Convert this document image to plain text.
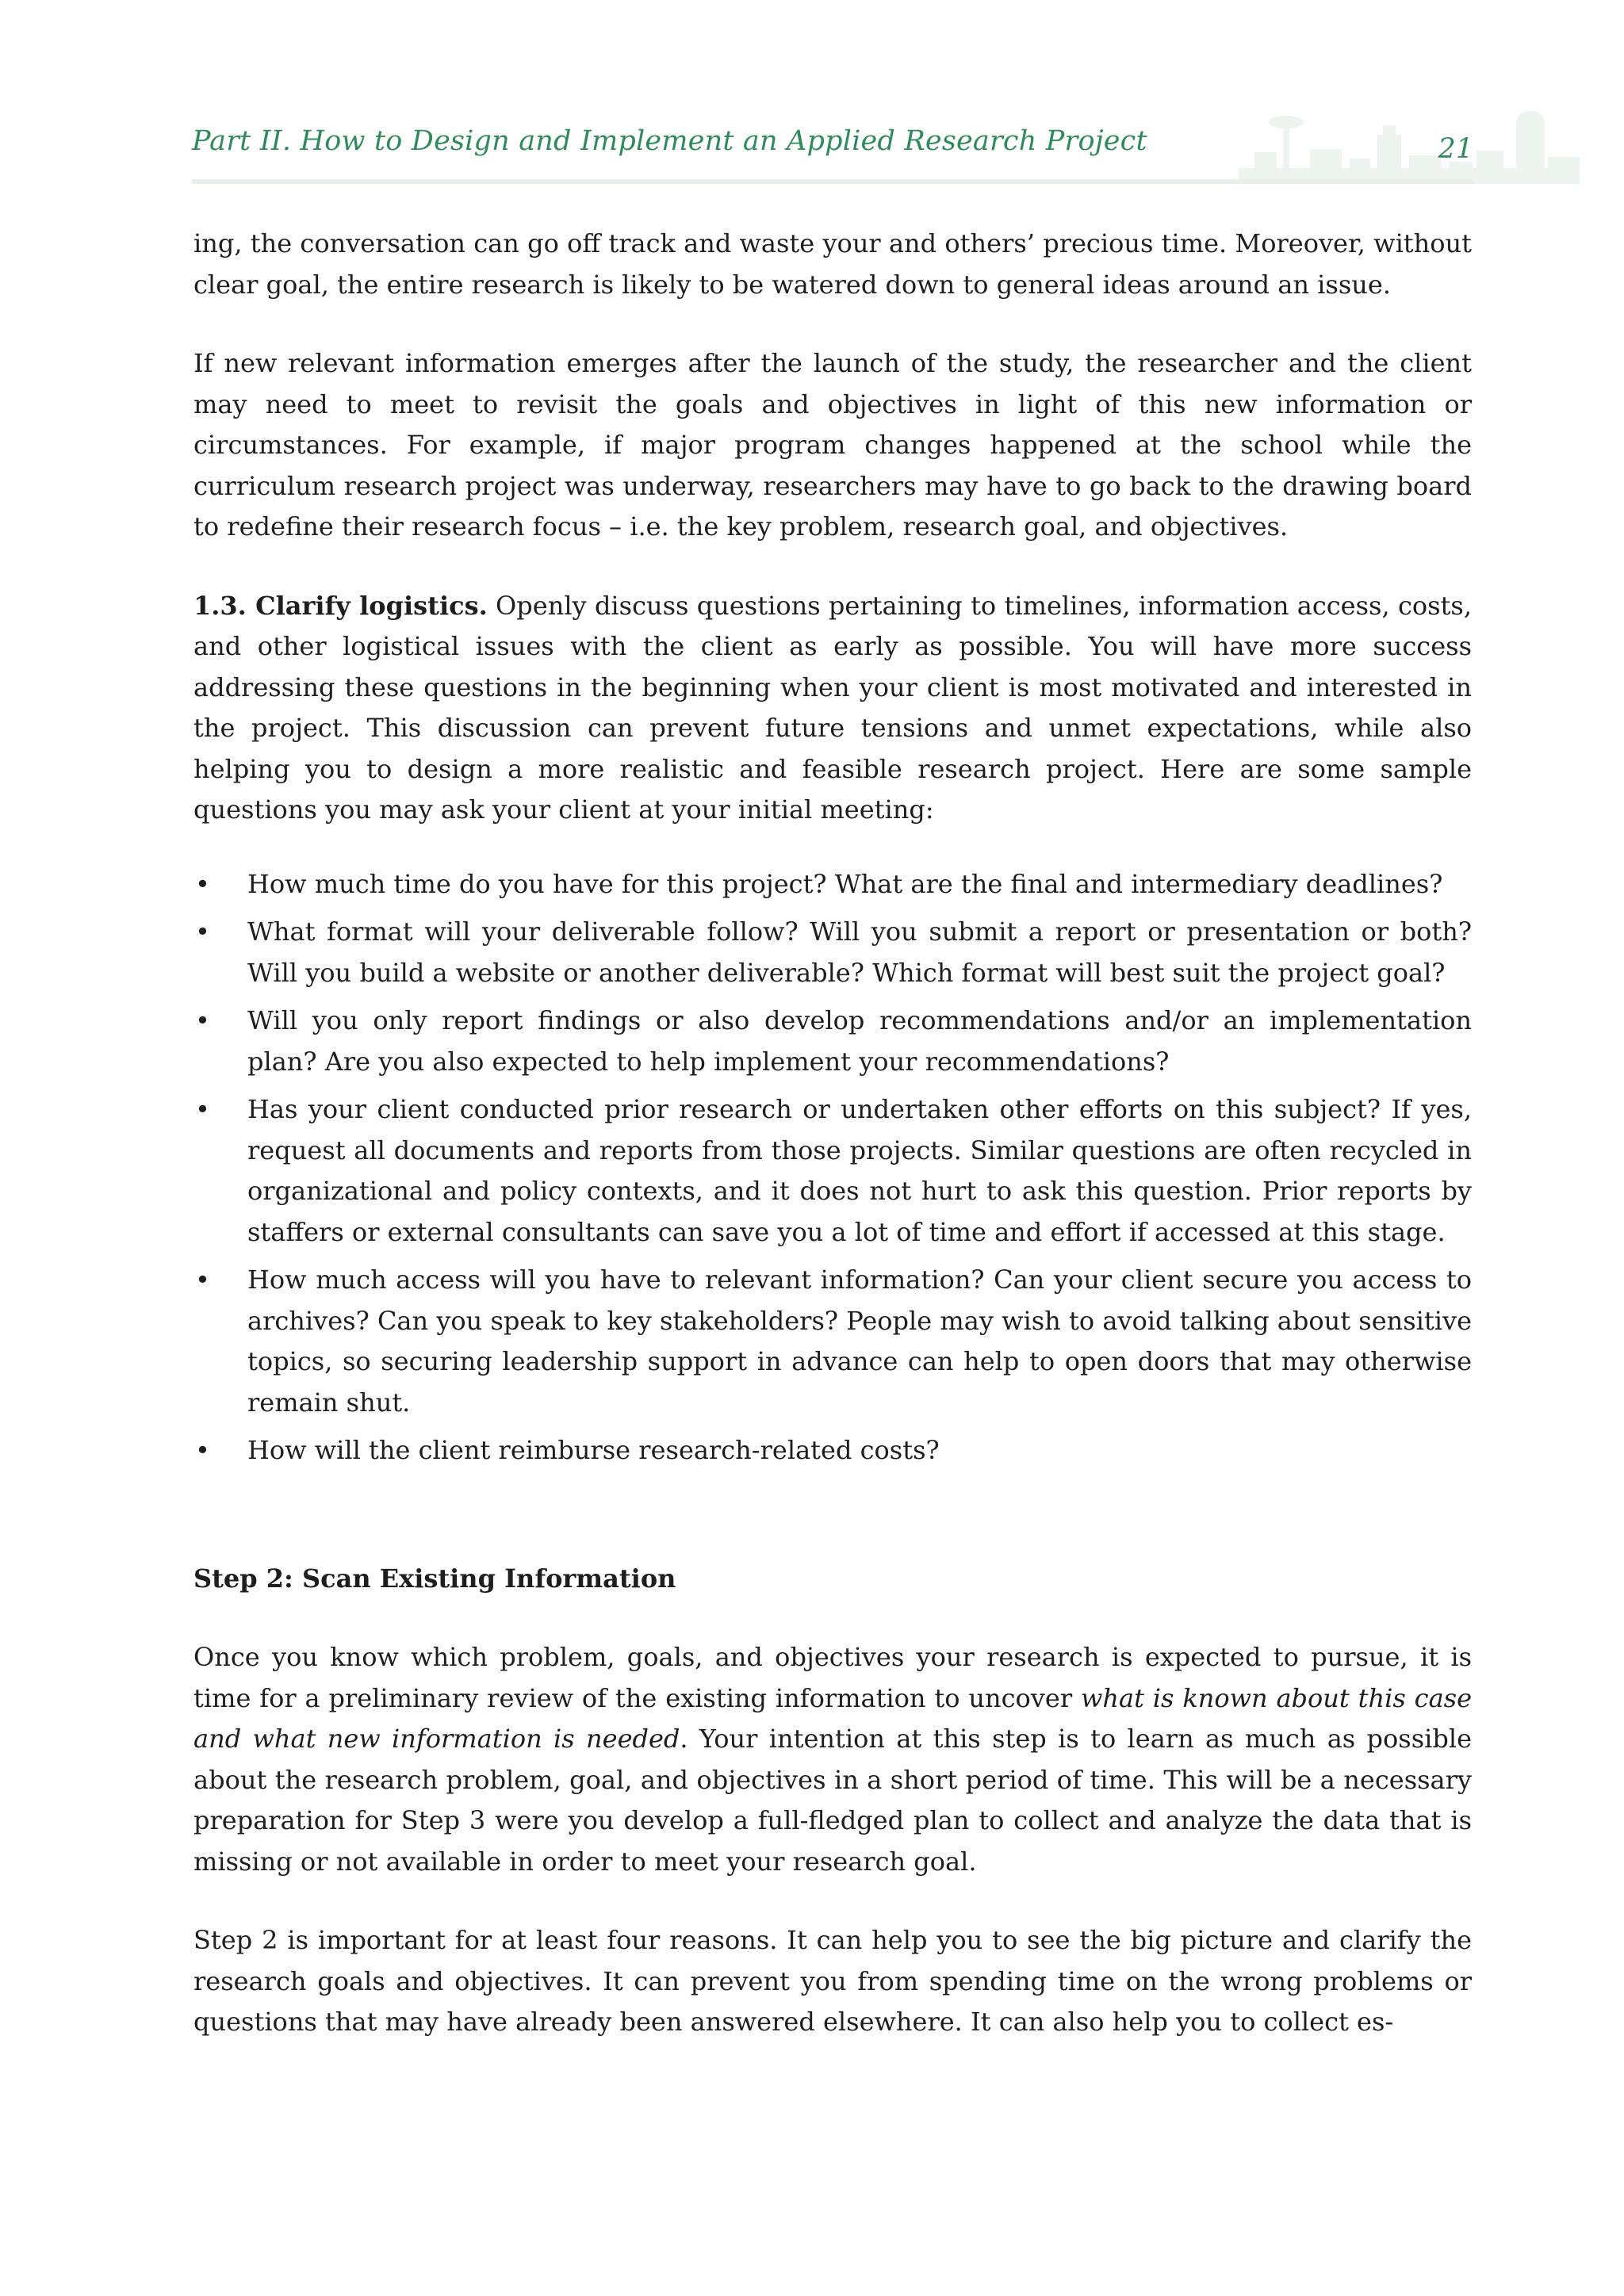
Part II. How to Design and Implement an Applied Research Project	21

ing, the conversation can go off track and waste your and others’ precious time. Moreover, without clear goal, the entire research is likely to be watered down to general ideas around an issue.

If new relevant information emerges after the launch of the study, the researcher and the client may need to meet to revisit the goals and objectives in light of this new information or circumstances. For example, if major program changes happened at the school while the curriculum research project was underway, researchers may have to go back to the drawing board to redefine their research focus – i.e. the key problem, research goal, and objectives.

1.3. Clarify logistics. Openly discuss questions pertaining to timelines, information access, costs, and other logistical issues with the client as early as possible. You will have more success addressing these questions in the beginning when your client is most motivated and interested in the project. This discussion can prevent future tensions and unmet expectations, while also helping you to design a more realistic and feasible research project. Here are some sample questions you may ask your client at your initial meeting:

• How much time do you have for this project? What are the final and intermediary deadlines?
• What format will your deliverable follow? Will you submit a report or presentation or both? Will you build a website or another deliverable? Which format will best suit the project goal?
• Will you only report findings or also develop recommendations and/or an implementation plan? Are you also expected to help implement your recommendations?
• Has your client conducted prior research or undertaken other efforts on this subject? If yes, request all documents and reports from those projects. Similar questions are often recycled in organizational and policy contexts, and it does not hurt to ask this question. Prior reports by staffers or external consultants can save you a lot of time and effort if accessed at this stage.
• How much access will you have to relevant information? Can your client secure you access to archives? Can you speak to key stakeholders? People may wish to avoid talking about sensitive topics, so securing leadership support in advance can help to open doors that may otherwise remain shut.
• How will the client reimburse research-related costs?

Step 2: Scan Existing Information

Once you know which problem, goals, and objectives your research is expected to pursue, it is time for a preliminary review of the existing information to uncover what is known about this case and what new information is needed. Your intention at this step is to learn as much as possible about the research problem, goal, and objectives in a short period of time. This will be a necessary preparation for Step 3 were you develop a full-fledged plan to collect and analyze the data that is missing or not available in order to meet your research goal.

Step 2 is important for at least four reasons. It can help you to see the big picture and clarify the research goals and objectives. It can prevent you from spending time on the wrong problems or questions that may have already been answered elsewhere. It can also help you to collect es-
